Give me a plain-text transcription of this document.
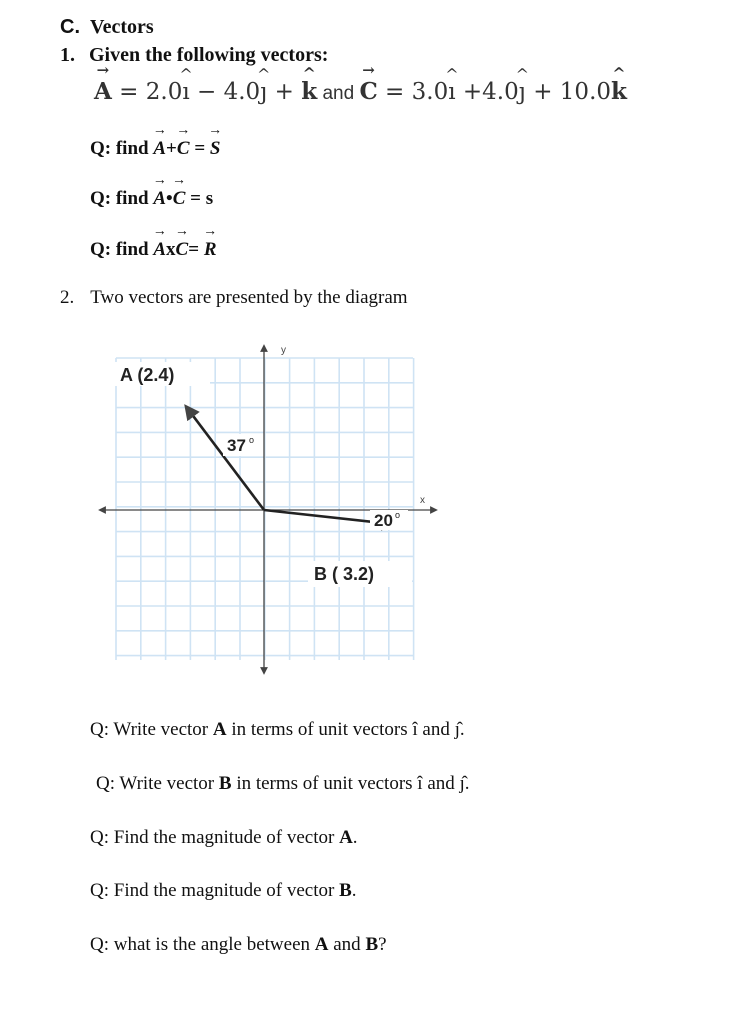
C. Vectors
1. Given the following vectors:
→ A = 2.0^ ı − 4.0^ ȷ + ^ k and → C = 3.0^ ı +4.0^ ȷ + 10.0^ k
Q: find → A+→ C = → S
Q: find → A•→ C = s
Q: find → Ax→ C= → R
2. Two vectors are presented by the diagram
y
x
A (2.4)
37 o
20 o
B ( 3.2)
Q: Write vector A in terms of unit vectors î and ȷ̂.
Q: Write vector B in terms of unit vectors î and ȷ̂.
Q: Find the magnitude of vector A.
Q: Find the magnitude of vector B.
Q: what is the angle between A and B?
